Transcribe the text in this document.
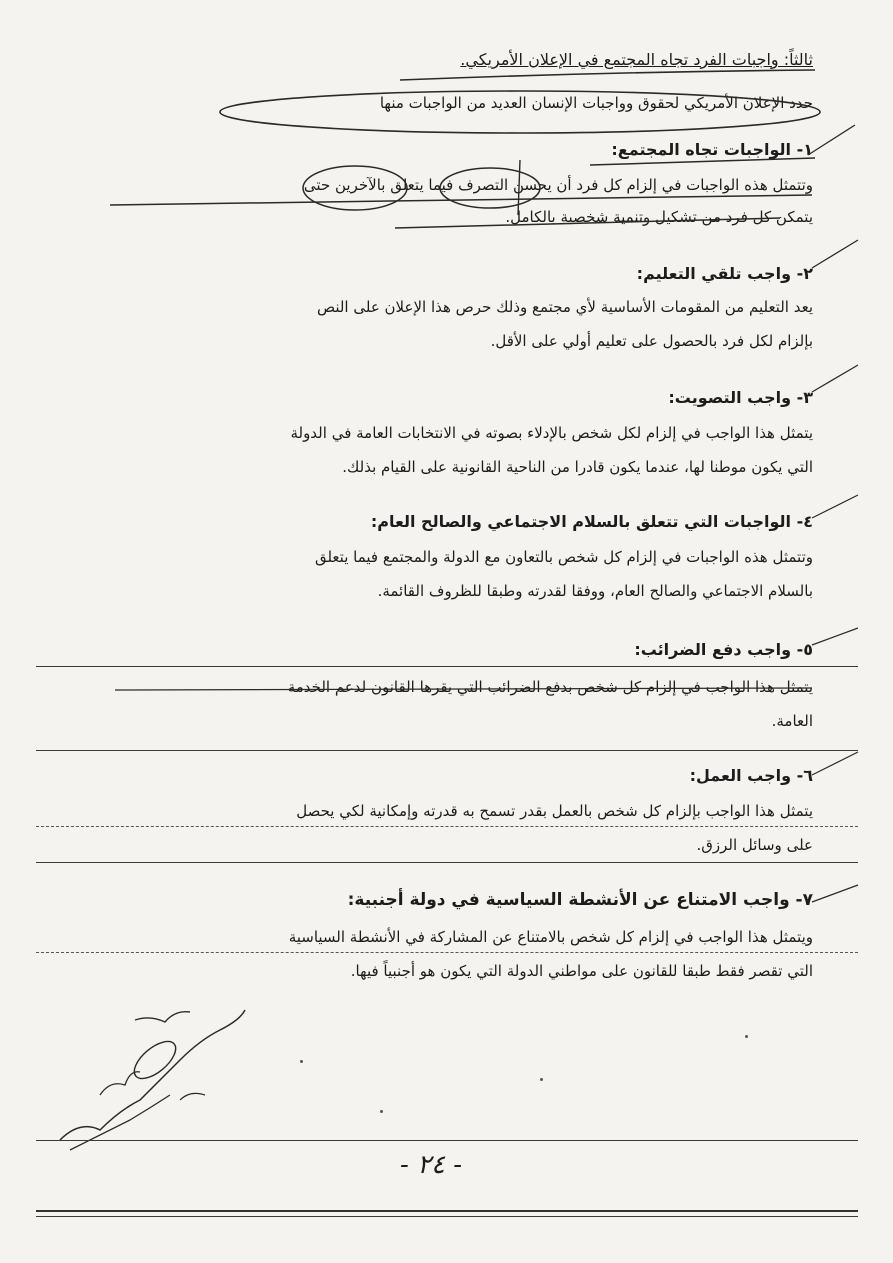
ثالثاً: واجبات الفرد تجاه المجتمع في الإعلان الأمريكي.
حدد الإعلان الأمريكي لحقوق وواجبات الإنسان العديد من الواجبات منها
١- الواجبات تجاه المجتمع:
وتتمثل هذه الواجبات في إلزام كل فرد أن يحسن التصرف فيما يتعلق بالآخرين حتى
يتمكن كل فرد من تشكيل وتنمية شخصية بالكامل.
٢- واجب تلقي التعليم:
يعد التعليم من المقومات الأساسية لأي مجتمع وذلك حرص هذا الإعلان على النص
بإلزام لكل فرد بالحصول على تعليم أولي على الأقل.
٣- واجب التصويت:
يتمثل هذا الواجب في إلزام لكل شخص بالإدلاء بصوته في الانتخابات العامة في الدولة
التي يكون موطنا لها، عندما يكون قادرا من الناحية القانونية على القيام بذلك.
٤- الواجبات التي تتعلق بالسلام الاجتماعي والصالح العام:
وتتمثل هذه الواجبات في إلزام كل شخص بالتعاون مع الدولة والمجتمع فيما يتعلق
بالسلام الاجتماعي والصالح العام، ووفقا لقدرته وطبقا للظروف القائمة.
٥- واجب دفع الضرائب:
يتمثل هذا الواجب في إلزام كل شخص بدفع الضرائب التي يقرها القانون لدعم الخدمة
العامة.
٦- واجب العمل:
يتمثل هذا الواجب بإلزام كل شخص بالعمل بقدر تسمح به قدرته وإمكانية لكي يحصل
على وسائل الرزق.
٧- واجب الامتناع عن الأنشطة السياسية في دولة أجنبية:
ويتمثل هذا الواجب في إلزام كل شخص بالامتناع عن المشاركة في الأنشطة السياسية
التي تقصر فقط طبقا للقانون على مواطني الدولة التي يكون هو أجنبياً فيها.
- ٢٤ -
